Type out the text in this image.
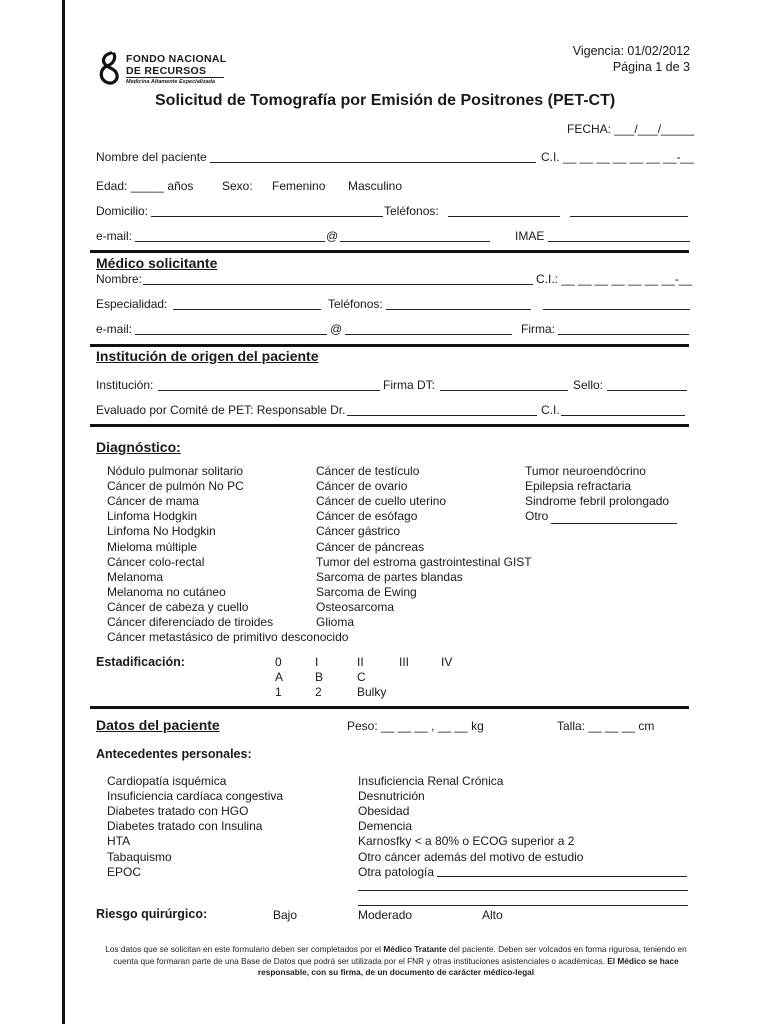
FONDO NACIONAL
DE RECURSOS
Medicina Altamente Especializada
Vigencia: 01/02/2012
Página 1 de 3
Solicitud de Tomografía por Emisión de Positrones (PET-CT)
FECHA: ___/___/_____
Nombre del paciente	C.I. __ __ __ __ __ __ __-__
Edad: _____ años Sexo: Femenino Masculino
Domicilio:	Teléfonos:
e-mail:	@	IMAE
Médico solicitante
Nombre:	C.I.: __ __ __ __ __ __ __-__
Especialidad:	Teléfonos:
e-mail:	@	Firma:
Institución de origen del paciente
Institución:	Firma DT:	Sello:
Evaluado por Comité de PET: Responsable Dr.	C.I.
Diagnóstico:
Nódulo pulmonar solitario
Cáncer de pulmón No PC
Cáncer de mama
Linfoma Hodgkin
Linfoma No Hodgkin
Mieloma múltiple
Cáncer colo-rectal
Melanoma
Melanoma no cutáneo
Cáncer de cabeza y cuello
Cáncer diferenciado de tiroides
Cáncer metastásico de primitivo desconocido
Cáncer de testículo
Cáncer de ovario
Cáncer de cuello uterino
Cáncer de esófago
Cáncer gástrico
Cáncer de páncreas
Tumor del estroma gastrointestinal GIST
Sarcoma de partes blandas
Sarcoma de Ewing
Osteosarcoma
Glioma
Tumor neuroendócrino
Epilepsia refractaria
Sindrome febril prolongado
Otro
Estadificación:	0	I	II	III	IV
A	B	C
1	2	Bulky
Datos del paciente	Peso: __ __ __ , __ __ kg	Talla: __ __ __ cm
Antecedentes personales:
Cardiopatía isquémica
Insuficiencia cardíaca congestiva
Diabetes tratado con HGO
Diabetes tratado con Insulina
HTA
Tabaquismo
EPOC
Insuficiencia Renal Crónica
Desnutrición
Obesidad
Demencia
Karnosfky < a 80% o ECOG superior a 2
Otro cáncer además del motivo de estudio
Otra patología
Riesgo quirúrgico:	Bajo	Moderado	Alto
Los datos que se solicitan en este formulario deben ser completados por el Médico Tratante del paciente. Deben ser volcados en forma rigurosa, teniendo en cuenta que formaran parte de una Base de Datos que podrá ser utilizada por el FNR y otras instituciones asistenciales o académicas. El Médico se hace responsable, con su firma, de un documento de carácter médico-legal
